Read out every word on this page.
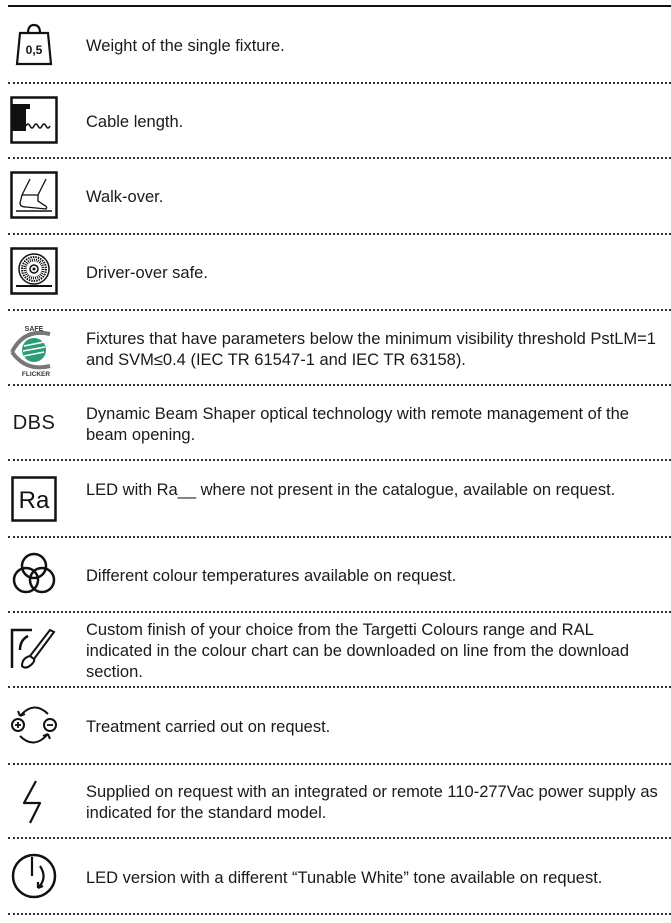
0,5	Weight of the single fixture.
Cable length.
Walk-over.
Driver-over safe.
SAFE
FLICKER
Fixtures that have parameters below the minimum visibility threshold PstLM=1 and SVM≤0.4 (IEC TR 61547-1 and IEC TR 63158).
DBS Dynamic Beam Shaper optical technology with remote management of the beam opening.
Ra LED with Ra__ where not present in the catalogue, available on request.
Different colour temperatures available on request.
Custom finish of your choice from the Targetti Colours range and RAL indicated in the colour chart can be downloaded on line from the download section.
Treatment carried out on request.
Supplied on request with an integrated or remote 110-277Vac power supply as indicated for the standard model.
LED version with a different “Tunable White” tone available on request.
